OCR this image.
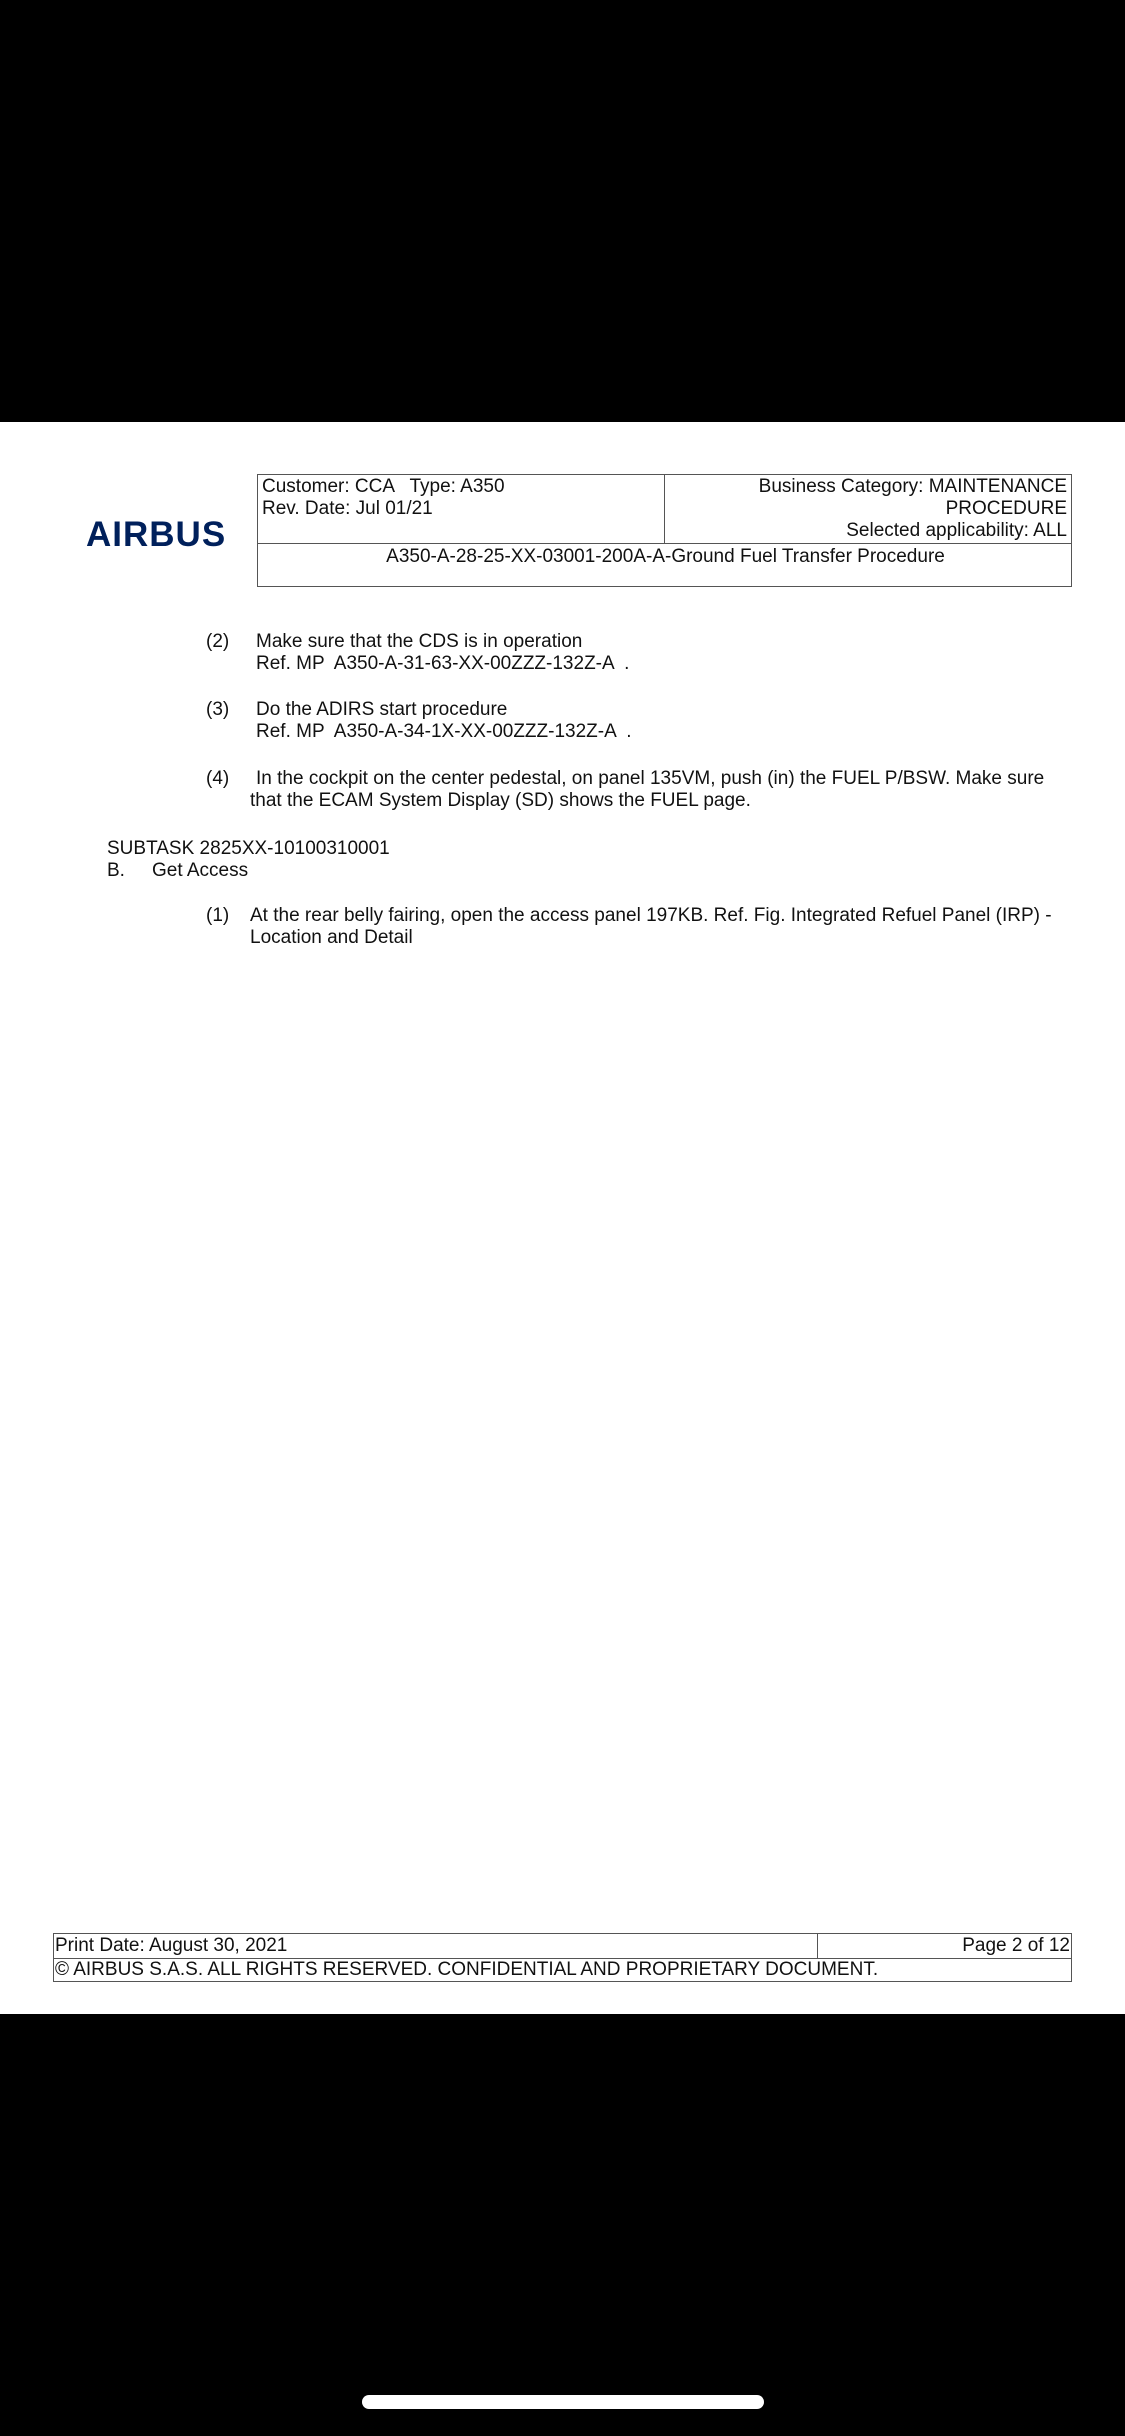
AIRBUS
Customer: CCA   Type: A350
Rev. Date: Jul 01/21
Business Category: MAINTENANCE
PROCEDURE
Selected applicability: ALL
A350-A-28-25-XX-03001-200A-A-Ground Fuel Transfer Procedure
(2) Make sure that the CDS is in operation
Ref. MP  A350-A-31-63-XX-00ZZZ-132Z-A  .
(3) Do the ADIRS start procedure
Ref. MP  A350-A-34-1X-XX-00ZZZ-132Z-A  .
(4)	In the cockpit on the center pedestal, on panel 135VM, push (in) the FUEL P/BSW. Make sure
that the ECAM System Display (SD) shows the FUEL page.
SUBTASK 2825XX-10100310001
B. Get Access
(1) At the rear belly fairing, open the access panel 197KB. Ref. Fig. Integrated Refuel Panel (IRP) -
Location and Detail
Print Date: August 30, 2021	Page 2 of 12
© AIRBUS S.A.S. ALL RIGHTS RESERVED. CONFIDENTIAL AND PROPRIETARY DOCUMENT.
